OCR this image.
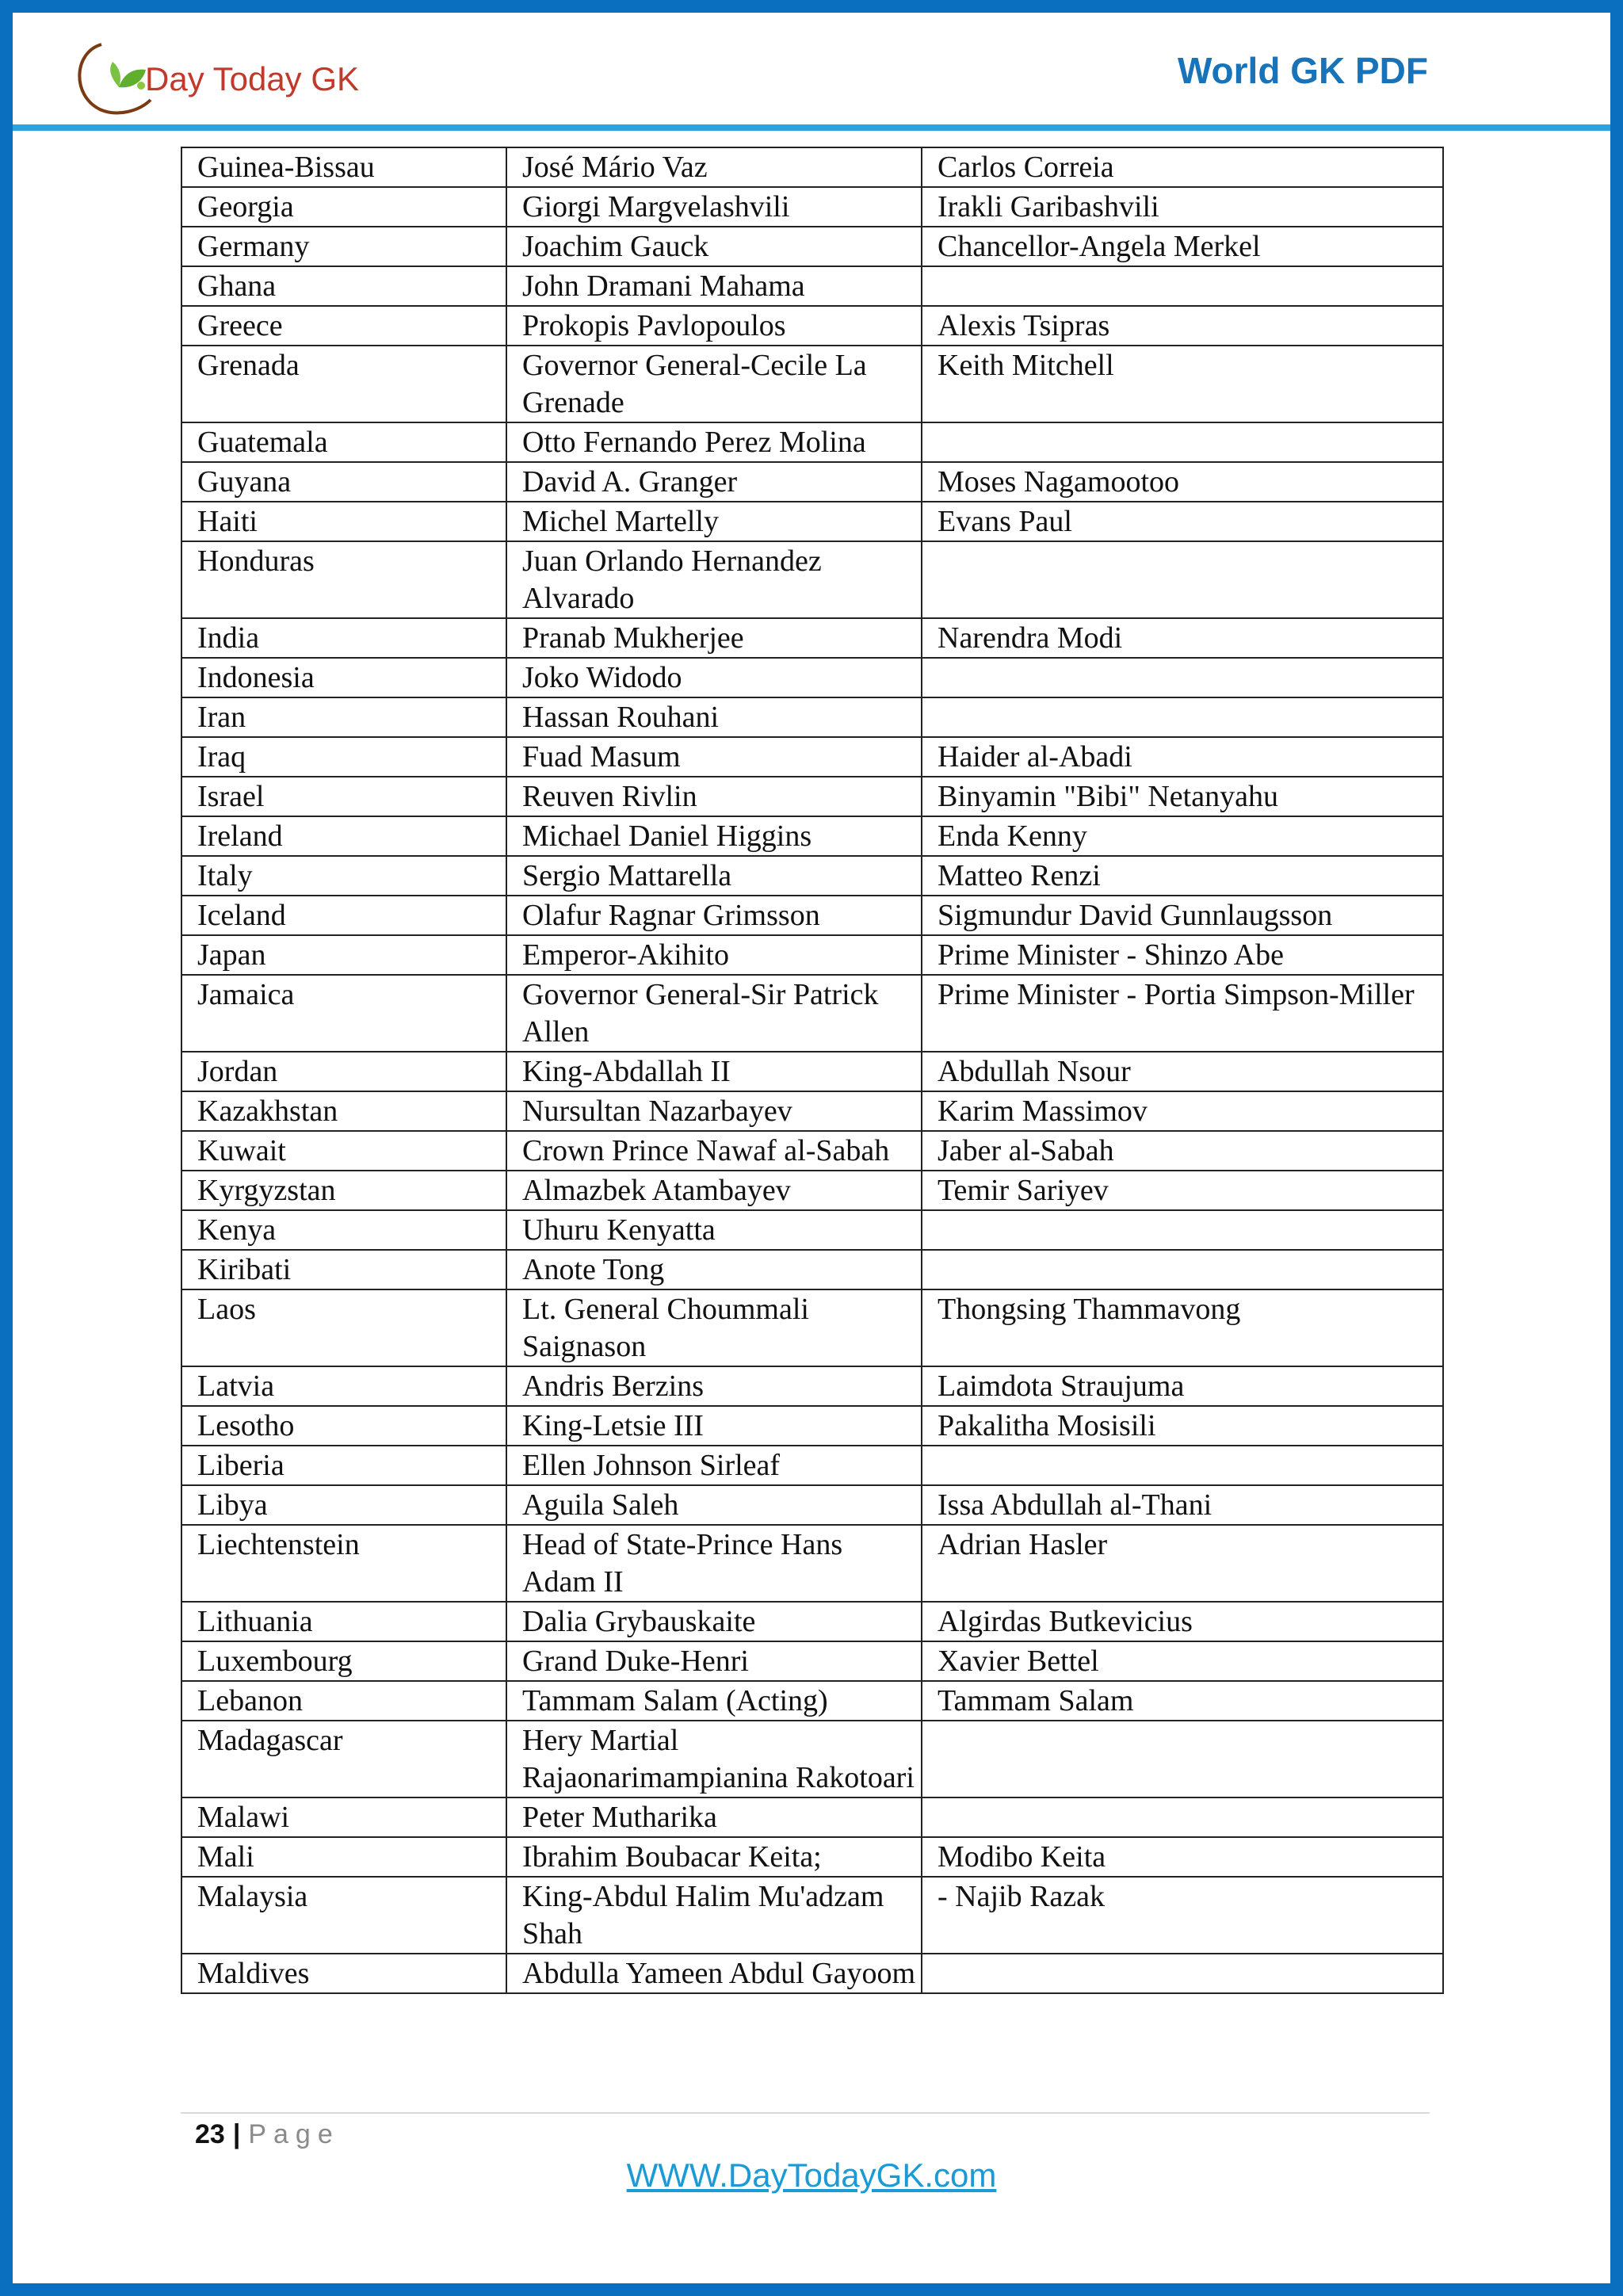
Day Today GK	World GK PDF
Guinea-Bissau	José Mário Vaz	Carlos Correia
Georgia	Giorgi Margvelashvili	Irakli Garibashvili
Germany	Joachim Gauck	Chancellor-Angela Merkel
Ghana	John Dramani Mahama	
Greece	Prokopis Pavlopoulos	Alexis Tsipras
Grenada	Governor General-Cecile La Grenade	Keith Mitchell
Guatemala	Otto Fernando Perez Molina	
Guyana	David A. Granger	Moses Nagamootoo
Haiti	Michel Martelly	Evans Paul
Honduras	Juan Orlando Hernandez Alvarado	
India	Pranab Mukherjee	Narendra Modi
Indonesia	Joko Widodo	
Iran	Hassan Rouhani	
Iraq	Fuad Masum	Haider al-Abadi
Israel	Reuven Rivlin	Binyamin "Bibi" Netanyahu
Ireland	Michael Daniel Higgins	Enda Kenny
Italy	Sergio Mattarella	Matteo Renzi
Iceland	Olafur Ragnar Grimsson	Sigmundur David Gunnlaugsson
Japan	Emperor-Akihito	Prime Minister - Shinzo Abe
Jamaica	Governor General-Sir Patrick Allen	Prime Minister - Portia Simpson-Miller
Jordan	King-Abdallah II	Abdullah Nsour
Kazakhstan	Nursultan Nazarbayev	Karim Massimov
Kuwait	Crown Prince Nawaf al-Sabah	Jaber al-Sabah
Kyrgyzstan	Almazbek Atambayev	Temir Sariyev
Kenya	Uhuru Kenyatta	
Kiribati	Anote Tong	
Laos	Lt. General Choummali Saignason	Thongsing Thammavong
Latvia	Andris Berzins	Laimdota Straujuma
Lesotho	King-Letsie III	Pakalitha Mosisili
Liberia	Ellen Johnson Sirleaf	
Libya	Aguila Saleh	Issa Abdullah al-Thani
Liechtenstein	Head of State-Prince Hans Adam II	Adrian Hasler
Lithuania	Dalia Grybauskaite	Algirdas Butkevicius
Luxembourg	Grand Duke-Henri	Xavier Bettel
Lebanon	Tammam Salam (Acting)	Tammam Salam
Madagascar	Hery Martial Rajaonarimampianina Rakotoari	
Malawi	Peter Mutharika	
Mali	Ibrahim Boubacar Keita;	Modibo Keita
Malaysia	King-Abdul Halim Mu'adzam Shah	- Najib Razak
Maldives	Abdulla Yameen Abdul Gayoom	
23 | Page
WWW.DayTodayGK.com
